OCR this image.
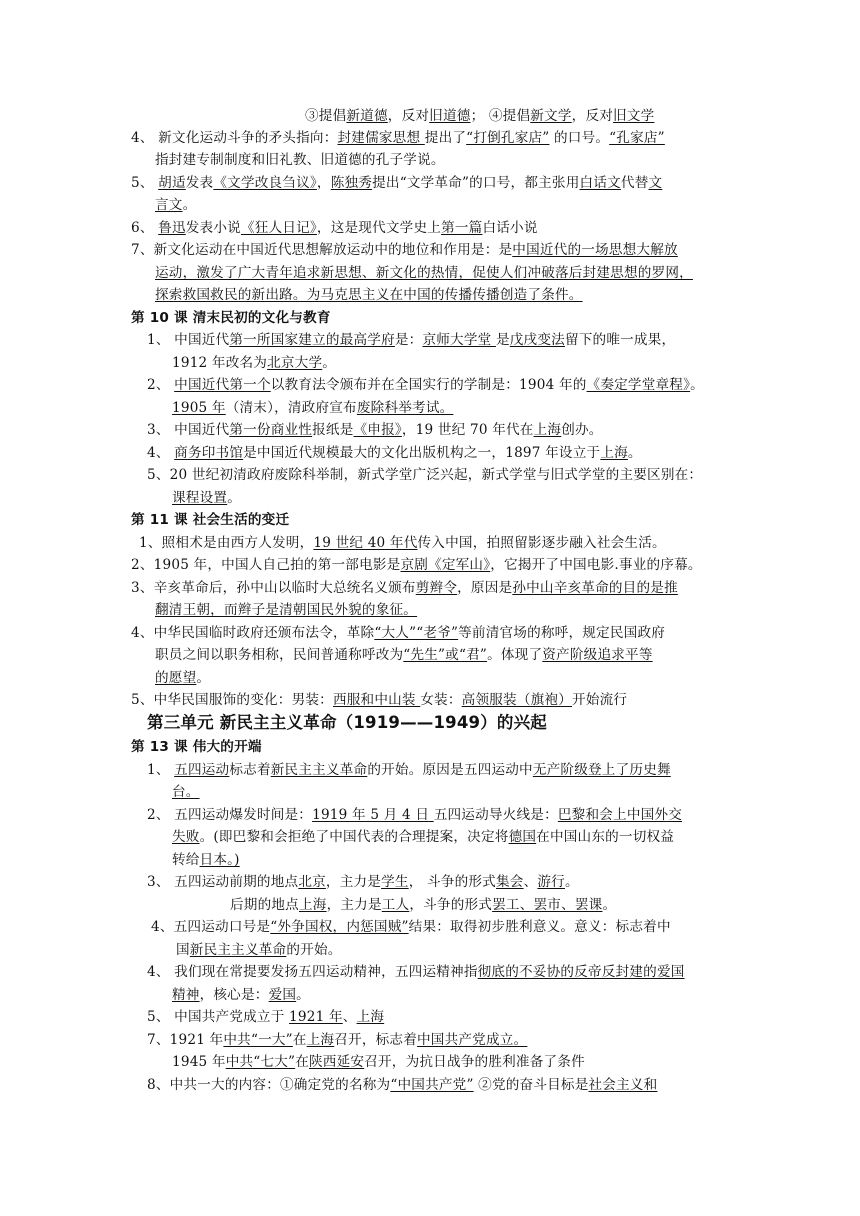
③提倡新道德，反对旧道德； ④提倡新文学，反对旧文学
4、 新文化运动斗争的矛头指向：封建儒家思想 提出了“打倒孔家店” 的口号。“孔家店”
指封建专制制度和旧礼教、旧道德的孔子学说。
5、 胡适发表《文学改良刍议》，陈独秀提出“文学革命”的口号，都主张用白话文代替文
言文。
6、 鲁迅发表小说《狂人日记》，这是现代文学史上第一篇白话小说
7、新文化运动在中国近代思想解放运动中的地位和作用是：是中国近代的一场思想大解放
运动，激发了广大青年追求新思想、新文化的热情，促使人们冲破落后封建思想的罗网，
探索救国救民的新出路。为马克思主义在中国的传播传播创造了条件。
第 10 课 清末民初的文化与教育
1、 中国近代第一所国家建立的最高学府是：京师大学堂 是戊戌变法留下的唯一成果，
1912 年改名为北京大学。
2、 中国近代第一个以教育法令颁布并在全国实行的学制是：1904 年的《奏定学堂章程》。
1905 年（清末），清政府宣布废除科举考试。
3、 中国近代第一份商业性报纸是《申报》，19 世纪 70 年代在上海创办。
4、 商务印书馆是中国近代规模最大的文化出版机构之一，1897 年设立于上海。
5、20 世纪初清政府废除科举制，新式学堂广泛兴起，新式学堂与旧式学堂的主要区别在：
课程设置。
第 11 课 社会生活的变迁
1、照相术是由西方人发明，19 世纪 40 年代传入中国，拍照留影逐步融入社会生活。
2、1905 年，中国人自己拍的第一部电影是京剧《定军山》，它揭开了中国电影.事业的序幕。
3、辛亥革命后，孙中山以临时大总统名义颁布剪辫令，原因是孙中山辛亥革命的目的是推
翻清王朝，而辫子是清朝国民外貌的象征。
4、中华民国临时政府还颁布法令，革除“大人”“老爷”等前清官场的称呼，规定民国政府
职员之间以职务相称，民间普通称呼改为“先生”或“君”。体现了资产阶级追求平等
的愿望。
5、中华民国服饰的变化：男装：西服和中山装 女装：高领服装（旗袍）开始流行
第三单元 新民主主义革命（1919——1949）的兴起
第 13 课 伟大的开端
1、 五四运动标志着新民主主义革命的开始。原因是五四运动中无产阶级登上了历史舞
台。
2、 五四运动爆发时间是：1919 年 5 月 4 日 五四运动导火线是：巴黎和会上中国外交
失败。(即巴黎和会拒绝了中国代表的合理提案，决定将德国在中国山东的一切权益
转给日本。)
3、 五四运动前期的地点北京，主力是学生， 斗争的形式集会、游行。
后期的地点上海，主力是工人，斗争的形式罢工、罢市、罢课。
4、五四运动口号是“外争国权，内惩国贼”结果：取得初步胜利意义。意义：标志着中
国新民主主义革命的开始。
4、 我们现在常提要发扬五四运动精神，五四运精神指彻底的不妥协的反帝反封建的爱国
精神，核心是：爱国。
5、 中国共产党成立于 1921 年、上海
7、1921 年中共“一大”在上海召开，标志着中国共产党成立。
1945 年中共“七大”在陕西延安召开，为抗日战争的胜利准备了条件
8、中共一大的内容：①确定党的名称为“中国共产党” ②党的奋斗目标是社会主义和
